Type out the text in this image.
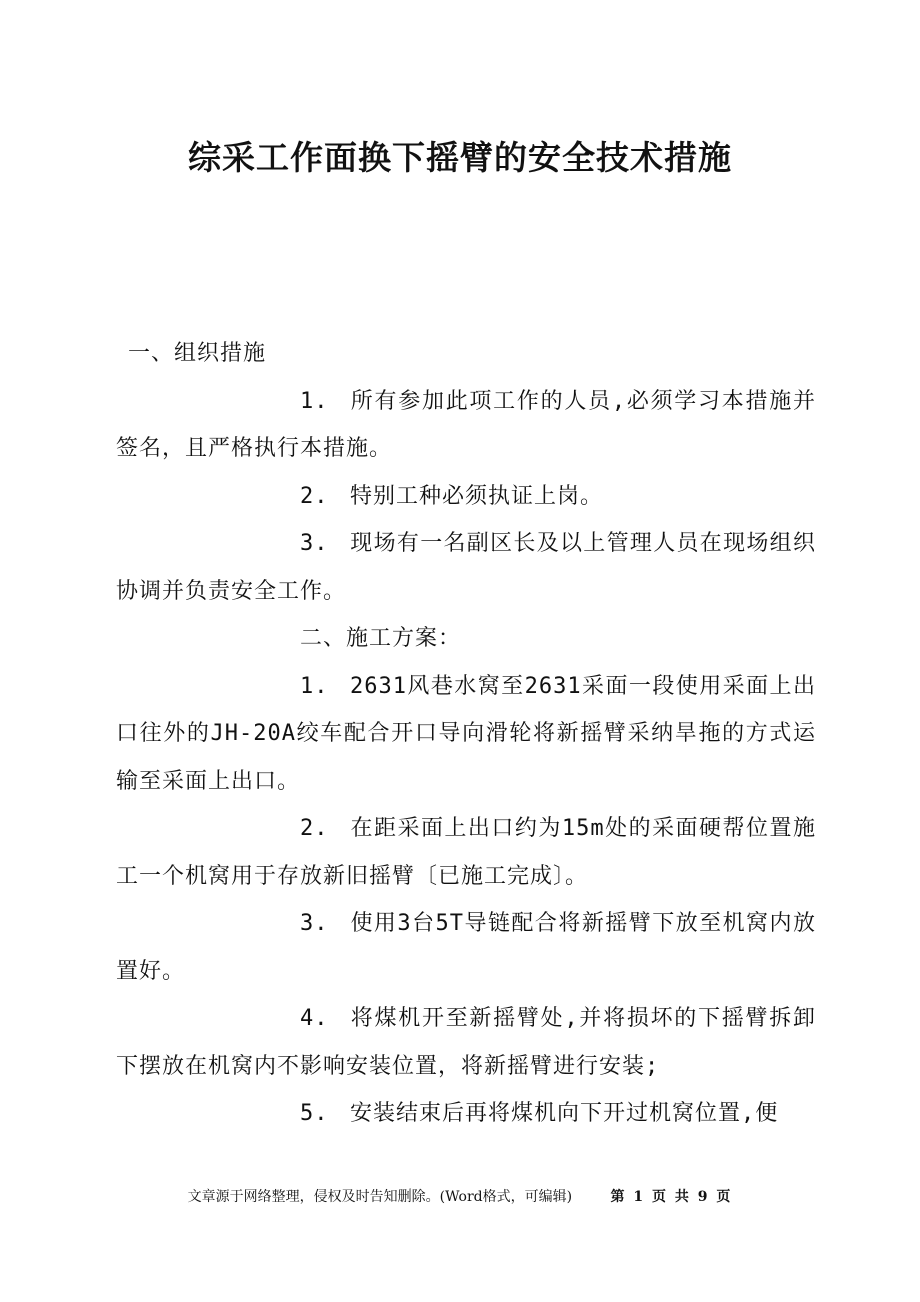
综采工作面换下摇臂的安全技术措施

一、组织措施

1. 所有参加此项工作的人员,必须学习本措施并签名，且严格执行本措施。

2. 特别工种必须执证上岗。

3. 现场有一名副区长及以上管理人员在现场组织协调并负责安全工作。

二、施工方案：

1. 2631风巷水窝至2631采面一段使用采面上出口往外的JH-20A绞车配合开口导向滑轮将新摇臂采纳旱拖的方式运输至采面上出口。

2. 在距采面上出口约为15m处的采面硬帮位置施工一个机窝用于存放新旧摇臂〔已施工完成〕。

3. 使用3台5T导链配合将新摇臂下放至机窝内放置好。

4. 将煤机开至新摇臂处,并将损坏的下摇臂拆卸下摆放在机窝内不影响安装位置，将新摇臂进行安装;

5. 安装结束后再将煤机向下开过机窝位置,便

文章源于网络整理，侵权及时告知删除。(Word格式，可编辑)	第 1 页 共 9 页
